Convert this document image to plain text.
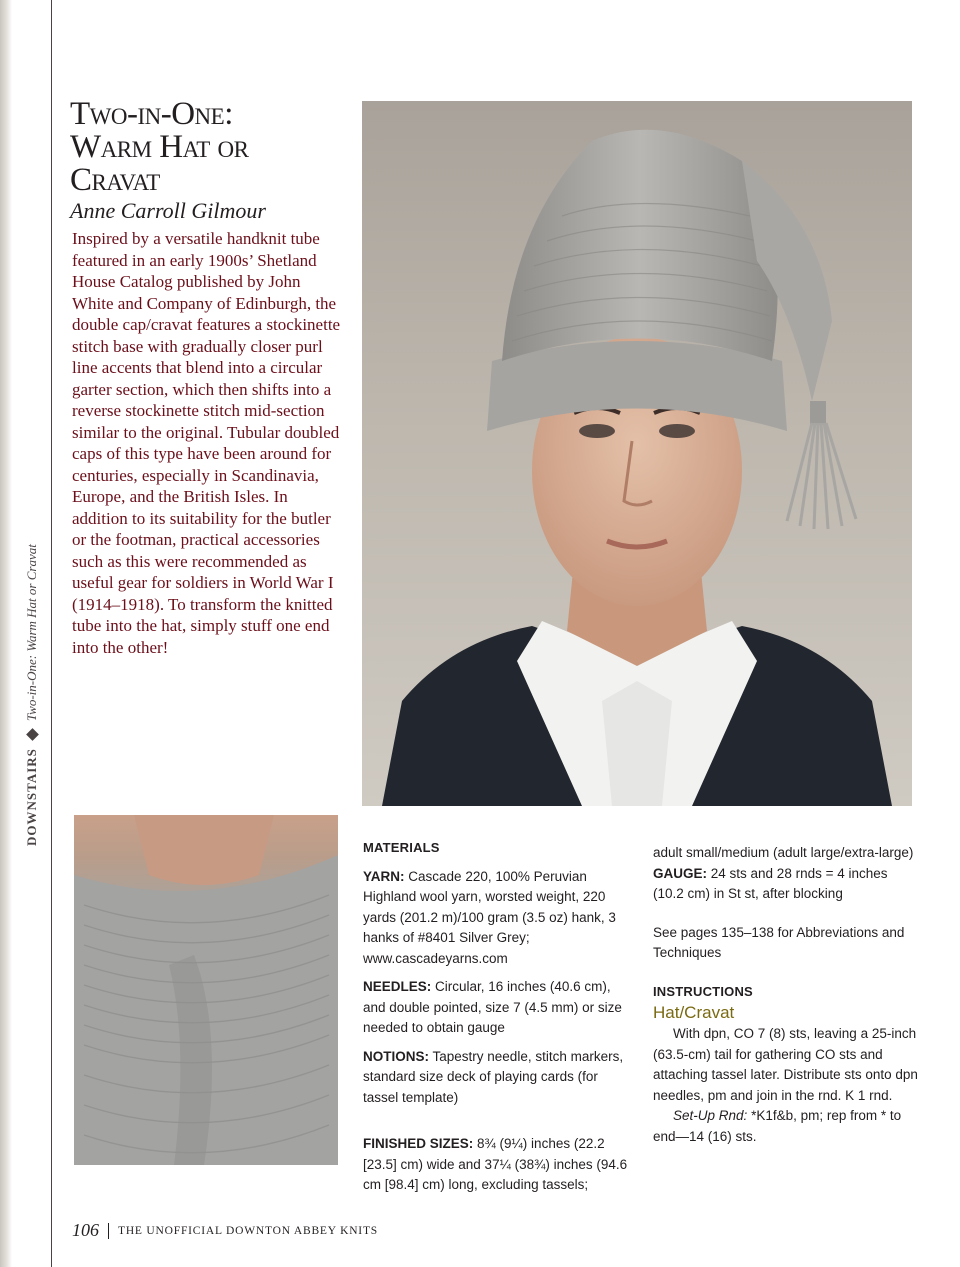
DOWNSTAIRS
Two-in-One: Warm Hat or Cravat
Two-in-One:
Warm Hat or
Cravat
Anne Carroll Gilmour

Inspired by a versatile handknit tube featured in an early 1900s’ Shetland House Catalog published by John White and Company of Edinburgh, the double cap/cravat features a stockinette stitch base with gradually closer purl line accents that blend into a circular garter section, which then shifts into a reverse stockinette stitch mid-section similar to the original. Tubular doubled caps of this type have been around for centuries, especially in Scandinavia, Europe, and the British Isles. In addition to its suitability for the butler or the footman, practical accessories such as this were recommended as useful gear for soldiers in World War I (1914–1918). To transform the knitted tube into the hat, simply stuff one end into the other!

MATERIALS

YARN: Cascade 220, 100% Peruvian Highland wool yarn, worsted weight, 220 yards (201.2 m)/100 gram (3.5 oz) hank, 3 hanks of #8401 Silver Grey; www.cascadeyarns.com

NEEDLES: Circular, 16 inches (40.6 cm), and double pointed, size 7 (4.5 mm) or size needed to obtain gauge

NOTIONS: Tapestry needle, stitch markers, standard size deck of playing cards (for tassel template)

FINISHED SIZES: 8¾ (9¼) inches (22.2 [23.5] cm) wide and 37¼ (38¾) inches (94.6 cm [98.4] cm) long, excluding tassels;

adult small/medium (adult large/extra-large)

GAUGE: 24 sts and 28 rnds = 4 inches (10.2 cm) in St st, after blocking

See pages 135–138 for Abbreviations and Techniques

INSTRUCTIONS

Hat/Cravat

With dpn, CO 7 (8) sts, leaving a 25-inch (63.5-cm) tail for gathering CO sts and attaching tassel later. Distribute sts onto dpn needles, pm and join in the rnd. K 1 rnd.

Set-Up Rnd: *K1f&b, pm; rep from * to end—14 (16) sts.

106 THE UNOFFICIAL DOWNTON ABBEY KNITS
